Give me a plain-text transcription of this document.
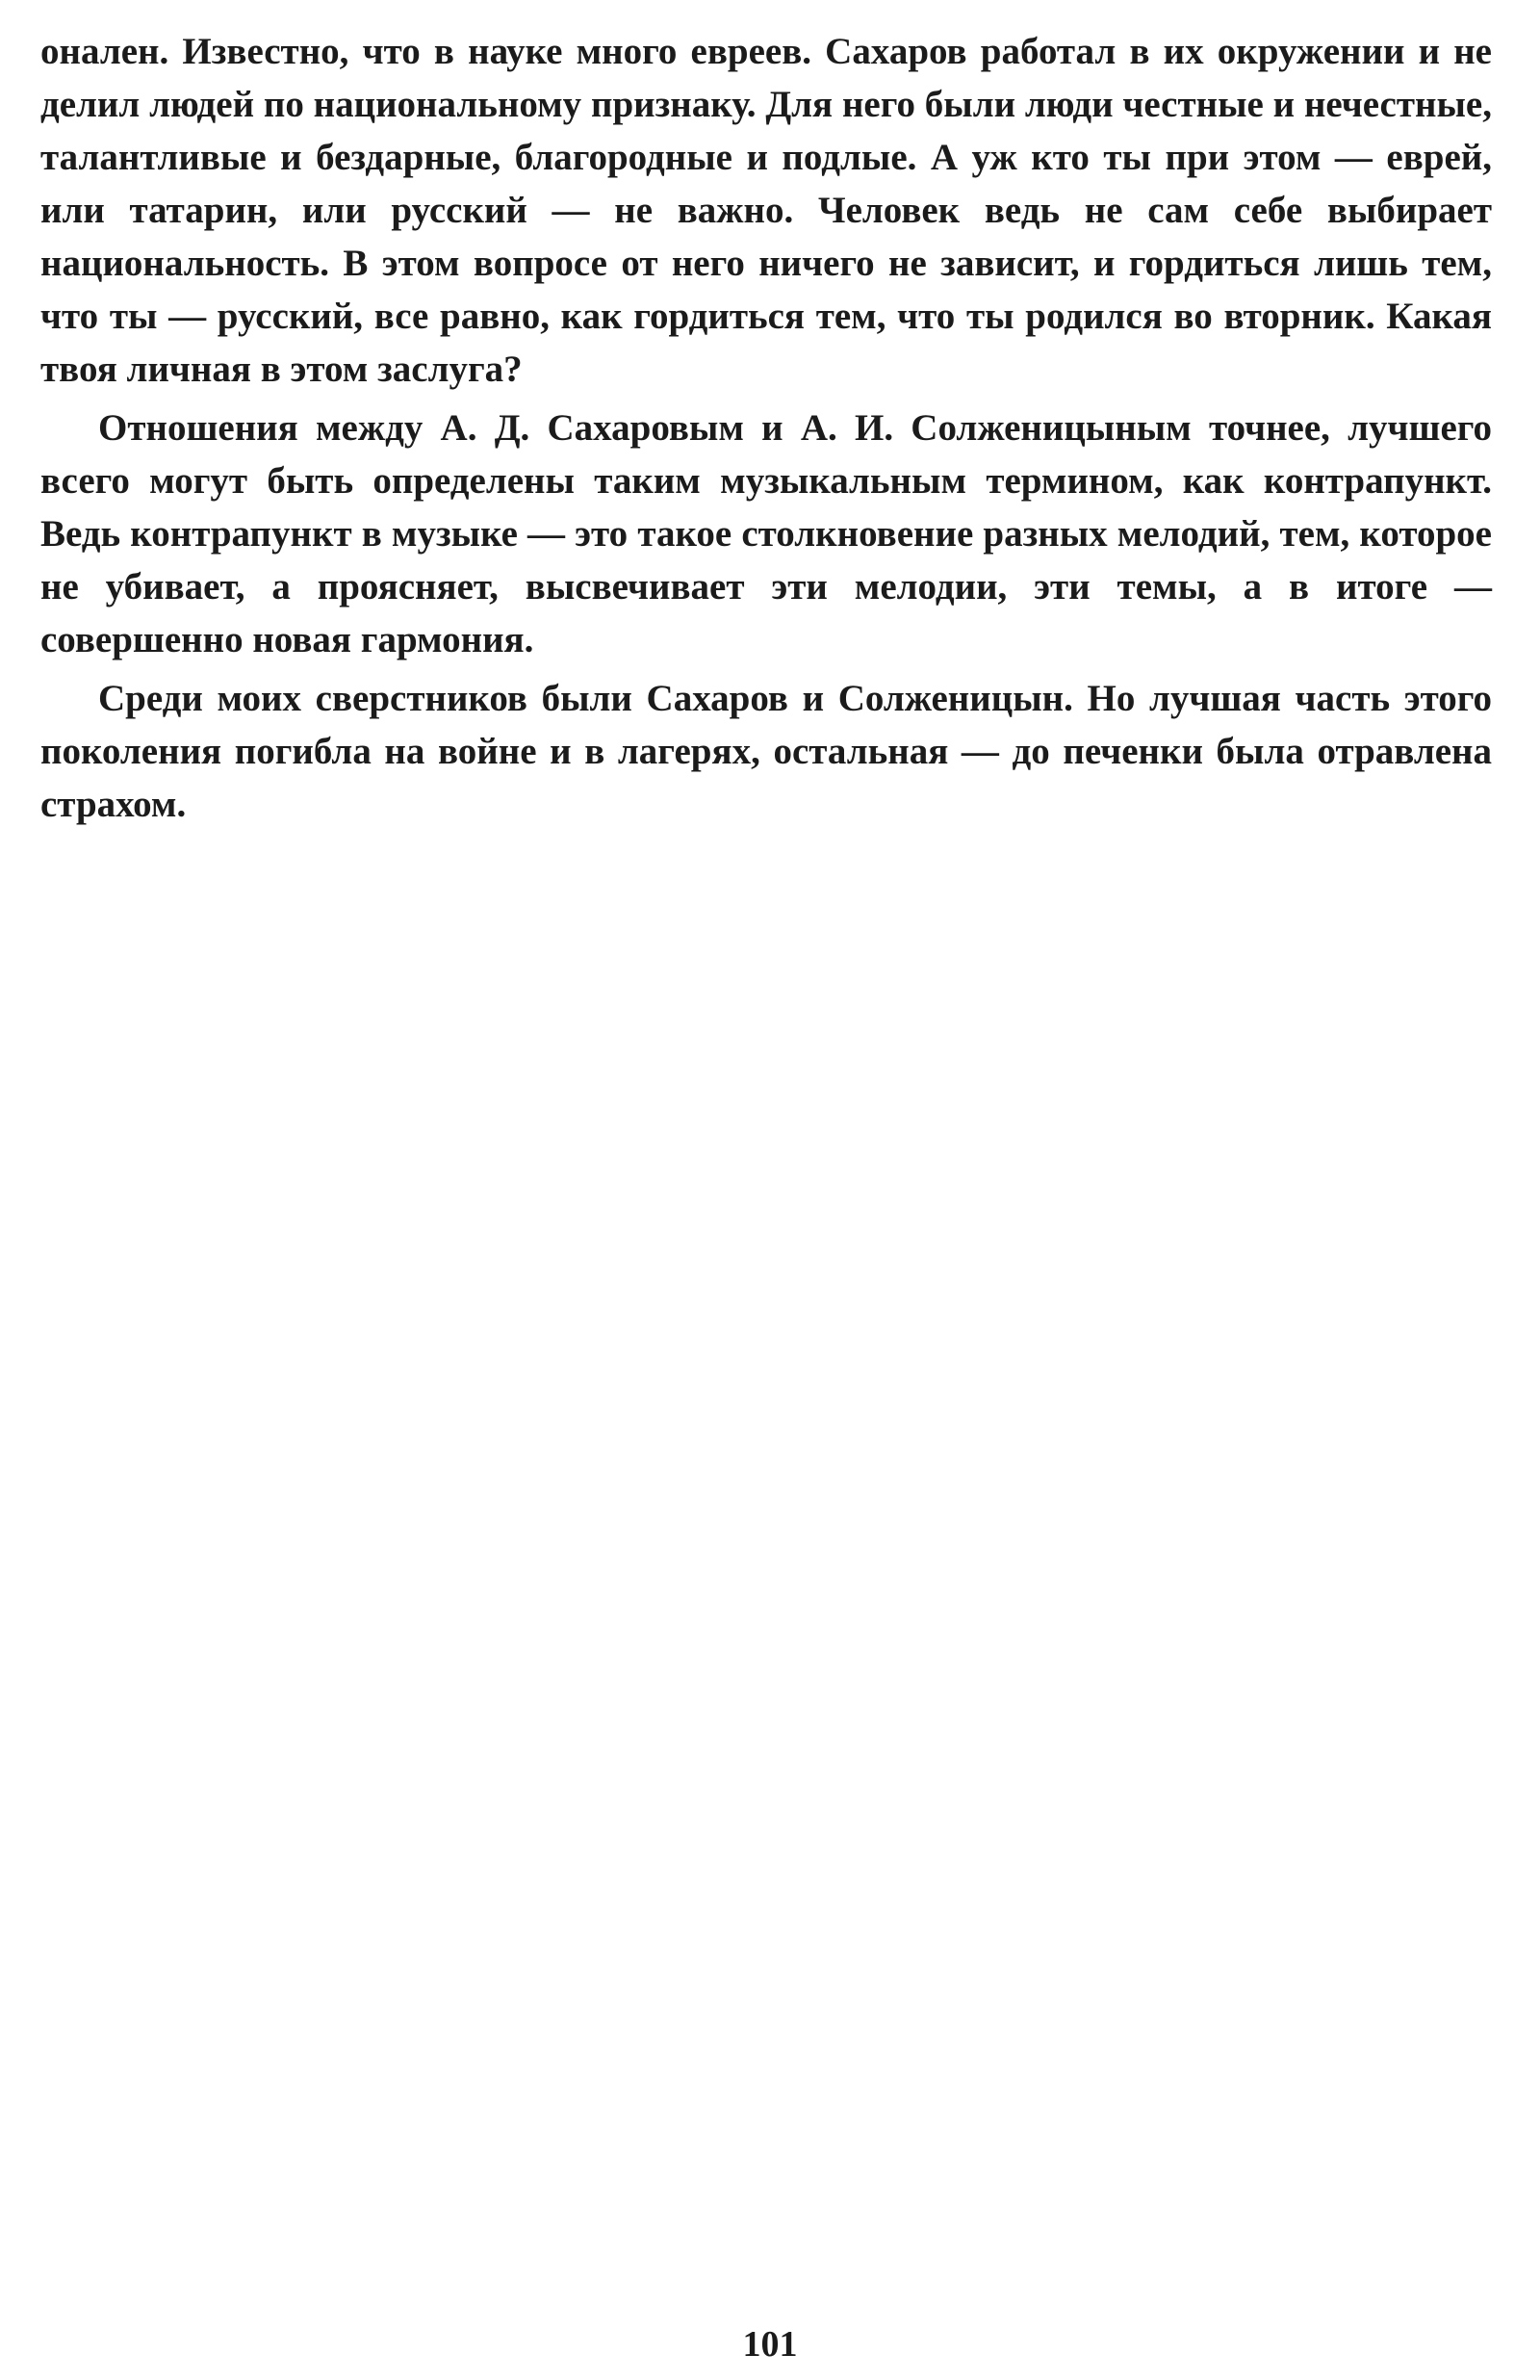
онален. Известно, что в науке много евреев. Сахаров работал в их окружении и не делил людей по национальному признаку. Для него были люди честные и нечестные, талантливые и бездарные, благородные и подлые. А уж кто ты при этом — еврей, или татарин, или русский — не важно. Человек ведь не сам себе выбирает национальность. В этом вопросе от него ничего не зависит, и гордиться лишь тем, что ты — русский, все равно, как гордиться тем, что ты родился во вторник. Какая твоя личная в этом заслуга?

Отношения между А. Д. Сахаровым и А. И. Солженицыным точнее, лучшего всего могут быть определены таким музыкальным термином, как контрапункт. Ведь контрапункт в музыке — это такое столкновение разных мелодий, тем, которое не убивает, а проясняет, высвечивает эти мелодии, эти темы, а в итоге — совершенно новая гармония.

Среди моих сверстников были Сахаров и Солженицын. Но лучшая часть этого поколения погибла на войне и в лагерях, остальная — до печенки была отравлена страхом.

101
